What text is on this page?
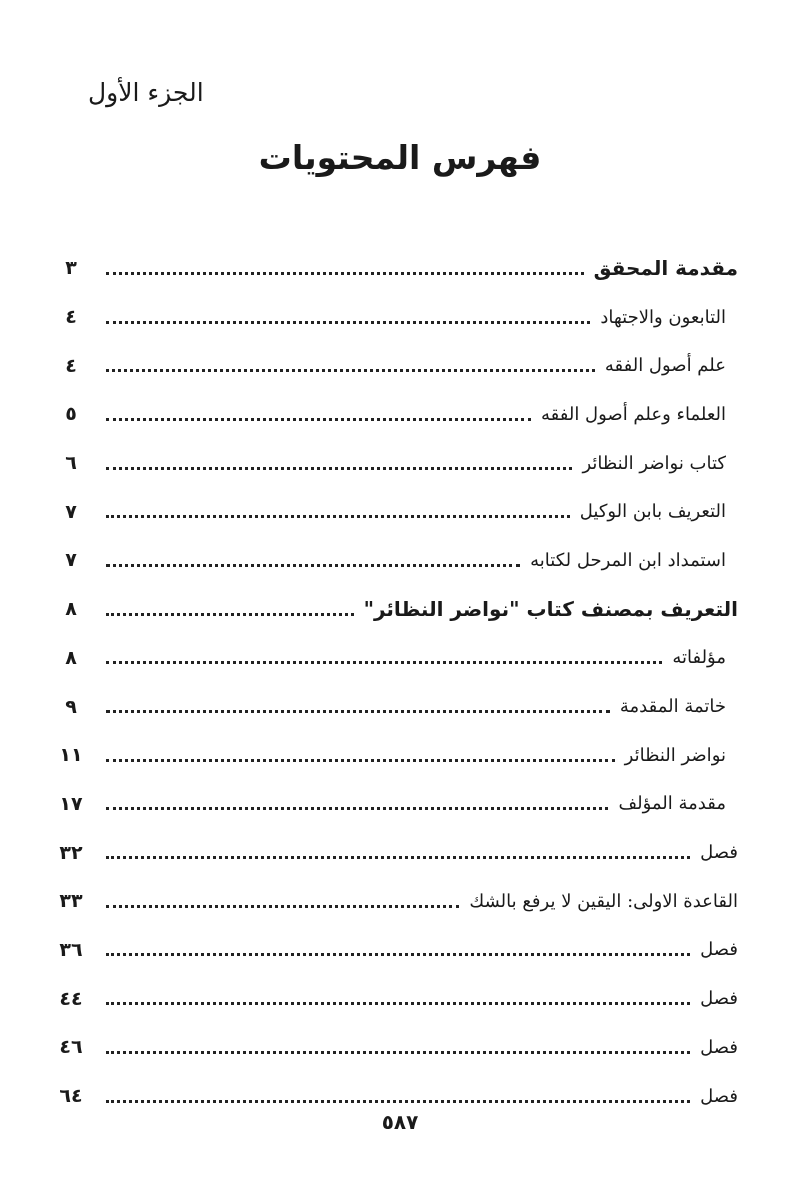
الجزء الأول
فهرس المحتويات
مقدمة المحقق
٣
التابعون والاجتهاد
٤
علم أصول الفقه
٤
العلماء وعلم أصول الفقه
٥
كتاب نواضر النظائر
٦
التعريف بابن الوكيل
٧
استمداد ابن المرحل لكتابه
٧
التعريف بمصنف كتاب "نواضر النظائر"
٨
مؤلفاته
٨
خاتمة المقدمة
٩
نواضر النظائر
١١
مقدمة المؤلف
١٧
فصل
٣٢
القاعدة الاولى: اليقين لا يرفع بالشك
٣٣
فصل
٣٦
فصل
٤٤
فصل
٤٦
فصل
٦٤
٥٨٧
